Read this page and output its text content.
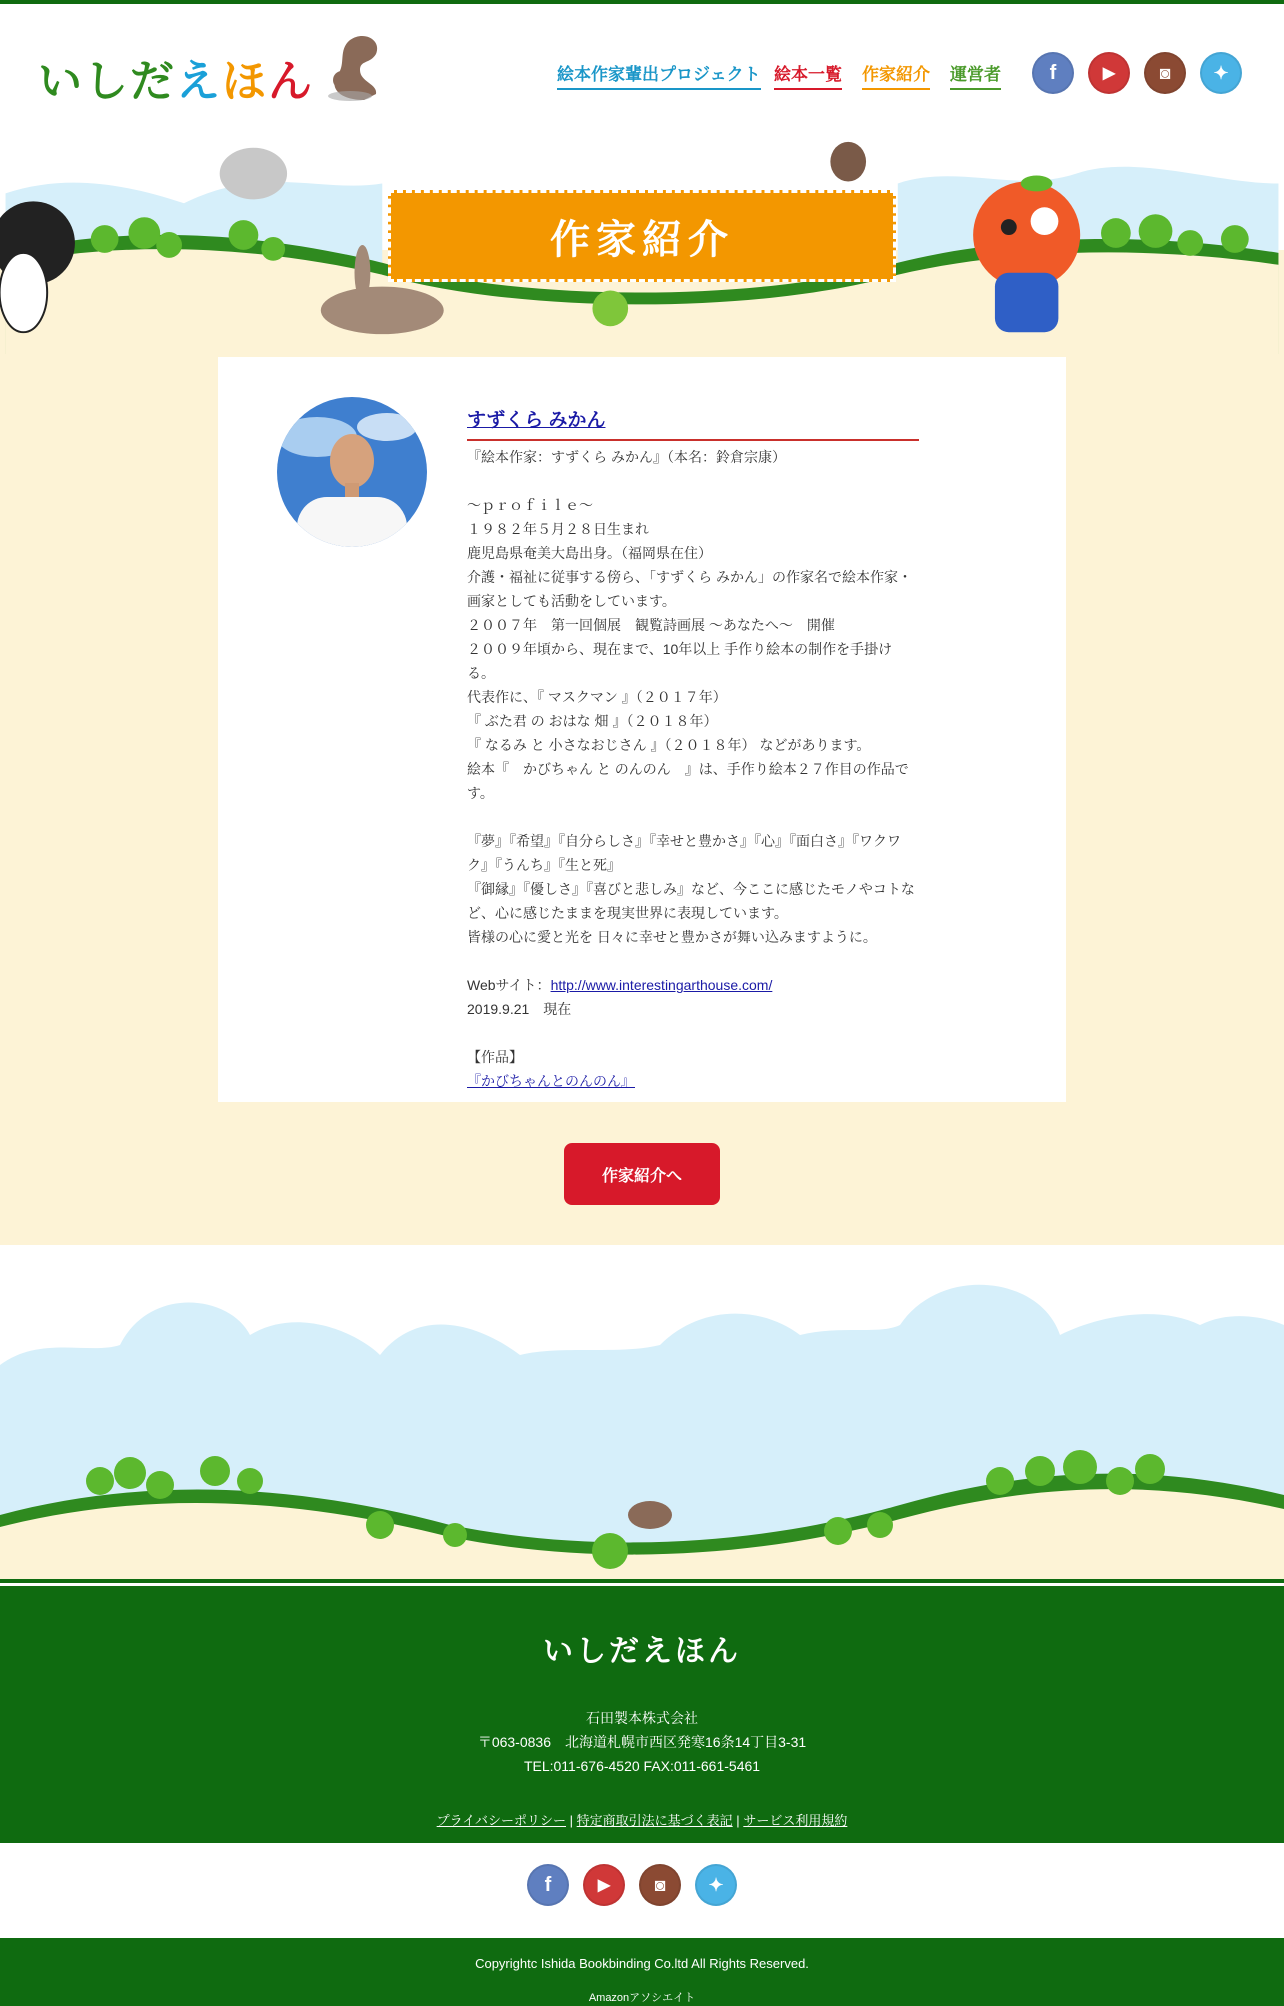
いしだえほん	絵本作家輩出プロジェクト 絵本一覧 作家紹介 運営者	f	▶	◙	✦
作家紹介
すずくら みかん

『絵本作家：すずくら みかん』（本名：鈴倉宗康）

～ｐｒｏｆｉｌｅ～

１９８２年５月２８日生まれ

鹿児島県奄美大島出身。（福岡県在住）

介護・福祉に従事する傍ら、「すずくら みかん」の作家名で絵本作家・画家としても活動をしています。

２００７年　第一回個展　観覧詩画展 ～あなたへ～　開催

２００９年頃から、現在まで、10年以上 手作り絵本の制作を手掛ける。

代表作に、『 マスクマン 』（２０１７年）

『 ぶた君 の おはな 畑 』（２０１８年）

『 なるみ と 小さなおじさん 』（２０１８年） などがあります。

絵本『　かびちゃん と のんのん　』は、手作り絵本２７作目の作品です。

『夢』『希望』『自分らしさ』『幸せと豊かさ』『心』『面白さ』『ワクワク』『うんち』『生と死』

『御縁』『優しさ』『喜びと悲しみ』など、今ここに感じたモノやコトなど、心に感じたままを現実世界に表現しています。

皆様の心に愛と光を 日々に幸せと豊かさが舞い込みますように。

Webサイト：http://www.interestingarthouse.com/

2019.9.21　現在

【作品】

『かびちゃんとのんのん』

作家紹介へ
いしだえほん
石田製本株式会社
〒063-0836　北海道札幌市西区発寒16条14丁目3-31
TEL:011-676-4520 FAX:011-661-5461
プライバシーポリシー | 特定商取引法に基づく表記 | サービス利用規約
f	▶	◙	✦
Copyrightc Ishida Bookbinding Co.ltd All Rights Reserved.
Amazonアソシエイト
